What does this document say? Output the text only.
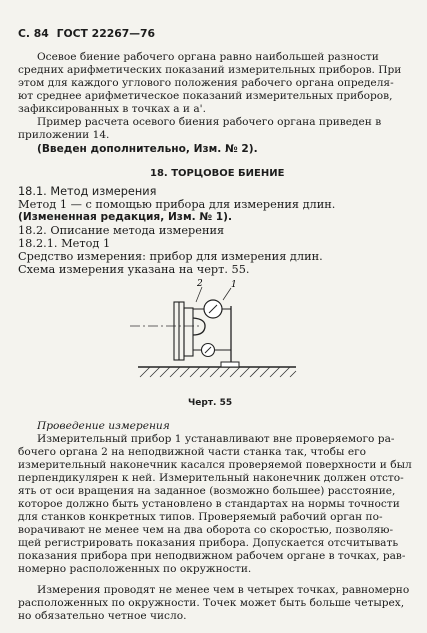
С. 84 ГОСТ 22267—76
Осевое биение рабочего органа равно наибольшей разности
средних арифметических показаний измерительных приборов. При
этом для каждого углового положения рабочего органа определя-
ют среднее арифметическое показаний измерительных приборов,
зафиксированных в точках а и а'.
Пример расчета осевого биения рабочего органа приведен в
приложении 14.
(Введен дополнительно, Изм. № 2).
18. ТОРЦОВОЕ БИЕНИЕ
18.1. Метод измерения
Метод 1 — с помощью прибора для измерения длин.
(Измененная редакция, Изм. № 1).
18.2. Описание метода измерения
18.2.1. Метод 1
Средство измерения: прибор для измерения длин.
Схема измерения указана на черт. 55.
2	1
Черт. 55
Проведение измерения
Измерительный прибор 1 устанавливают вне проверяемого ра-
бочего органа 2 на неподвижной части станка так, чтобы его
измерительный наконечник касался проверяемой поверхности и был
перпендикулярен к ней. Измерительный наконечник должен отсто-
ять от оси вращения на заданное (возможно большее) расстояние,
которое должно быть установлено в стандартах на нормы точности
для станков конкретных типов. Проверяемый рабочий орган по-
ворачивают не менее чем на два оборота со скоростью, позволяю-
щей регистрировать показания прибора. Допускается отсчитывать
показания прибора при неподвижном рабочем органе в точках, рав-
номерно расположенных по окружности.
Измерения проводят не менее чем в четырех точках, равномерно
расположенных по окружности. Точек может быть больше четырех,
но обязательно четное число.
